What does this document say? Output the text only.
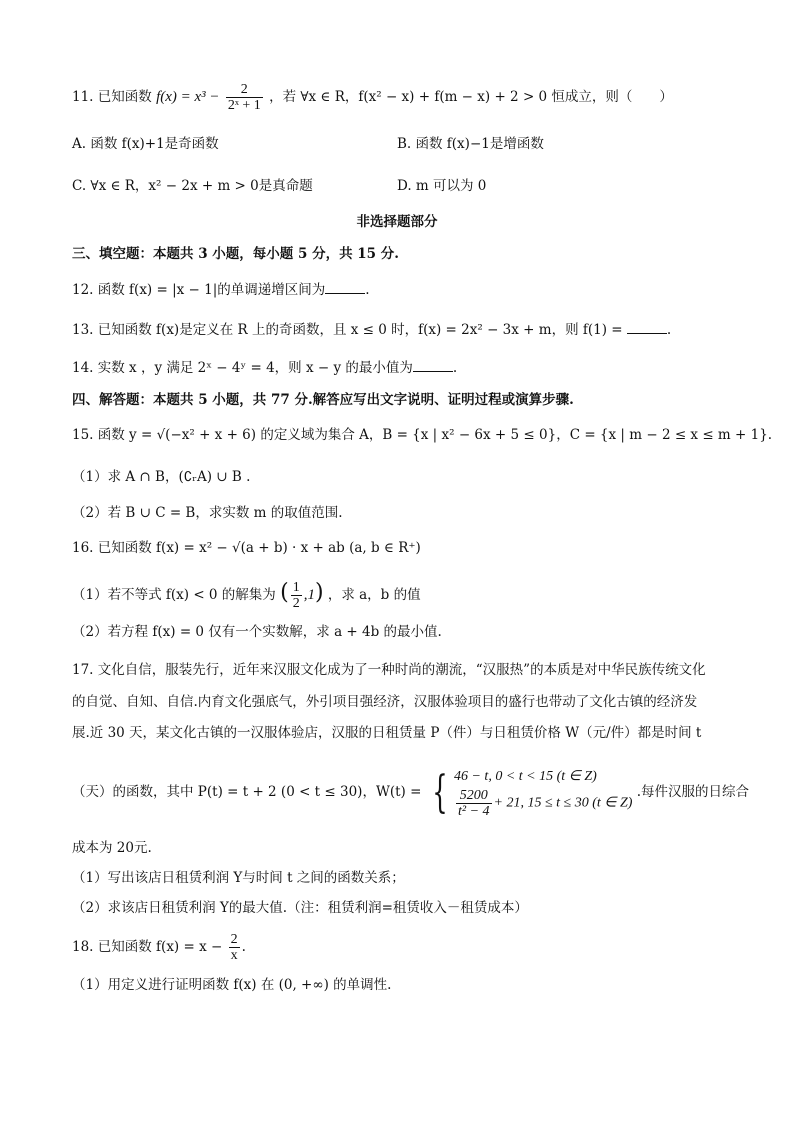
11. 已知函数 $f(x) = x^3 - \frac{2}{\text{2ˣ + 1}}$ ，若 ∀x ∈ R，f(x² − x) + f(m − x) + 2 > 0 恒成立，则（　　）
A. 函数 f(x)+1是奇函数	B. 函数 f(x)−1是增函数
C. ∀x ∈ R，x² − 2x + m > 0是真命题	D. m 可以为 0
非选择题部分
三、填空题：本题共 3 小题，每小题 5 分，共 15 分.
12. 函数 f(x) = |x − 1|的单调递增区间为	.
13. 已知函数 f(x)是定义在 R 上的奇函数，且 x ≤ 0 时，f(x) = 2x² − 3x + m，则 f(1) =	.
14. 实数 x ，y 满足 2ˣ − 4ʸ = 4，则 x − y 的最小值为	.
四、解答题：本题共 5 小题，共 77 分.解答应写出文字说明、证明过程或演算步骤.
15. 函数 y = √(−x² + x + 6) 的定义域为集合 A，B = {x | x² − 6x + 5 ≤ 0}，C = {x | m − 2 ≤ x ≤ m + 1}.
（1）求 A ∩ B，(∁ᵣA) ∪ B .
（2）若 B ∪ C = B，求实数 m 的取值范围.
16. 已知函数 f(x) = x² − √(a + b) · x + ab (a, b ∈ R⁺)
（1）若不等式 f(x) < 0 的解集为 ( $\frac{1}{2} ,1$) ，求 a，b 的值
（2）若方程 f(x) = 0 仅有一个实数解，求 a + 4b 的最小值.
17. 文化自信，服装先行，近年来汉服文化成为了一种时尚的潮流，“汉服热”的本质是对中华民族传统文化
的自觉、自知、自信.内育文化强底气，外引项目强经济，汉服体验项目的盛行也带动了文化古镇的经济发
展.近 30 天，某文化古镇的一汉服体验店，汉服的日租赁量 P（件）与日租赁价格 W（元/件）都是时间 t
（天）的函数，其中 P(t) = t + 2 (0 < t ≤ 30)，W(t) = { 46 − t, 0 < t < 15 (t ∈ Z)
$\frac{5200}{\text{t² − 4}} + 21$, 15 ≤ t ≤ 30 (t ∈ Z)
.每件汉服的日综合
成本为 20元.
（1）写出该店日租赁利润 Y与时间 t 之间的函数关系；
（2）求该店日租赁利润 Y的最大值.（注：租赁利润=租赁收入－租赁成本）
18. 已知函数 $f(x) = x - \frac{2}{x}$ .
（1）用定义进行证明函数 f(x) 在 (0, +∞) 的单调性.
